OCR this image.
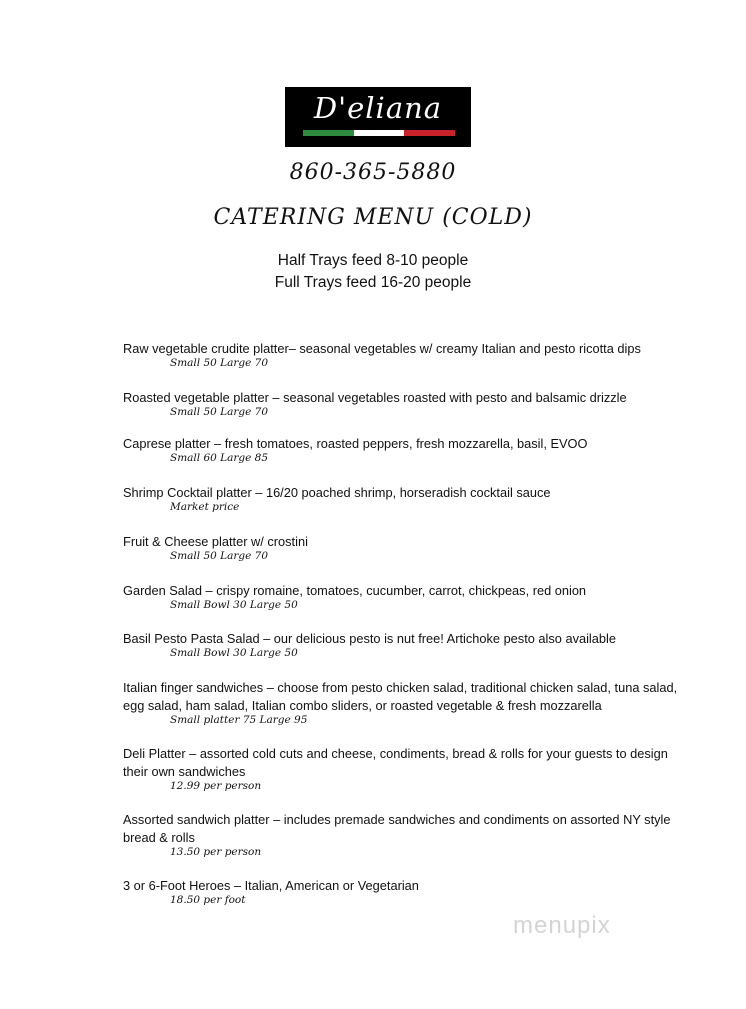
D'eliana
860-365-5880
CATERING MENU (COLD)
Half Trays feed 8-10 people
Full Trays feed 16-20 people
Raw vegetable crudite platter– seasonal vegetables w/ creamy Italian and pesto ricotta dips
Small 50 Large 70
Roasted vegetable platter – seasonal vegetables roasted with pesto and balsamic drizzle
Small 50 Large 70
Caprese platter – fresh tomatoes, roasted peppers, fresh mozzarella, basil, EVOO
Small 60 Large 85
Shrimp Cocktail platter – 16/20 poached shrimp, horseradish cocktail sauce
Market price
Fruit & Cheese platter w/ crostini
Small 50 Large 70
Garden Salad – crispy romaine, tomatoes, cucumber, carrot, chickpeas, red onion
Small Bowl 30 Large 50
Basil Pesto Pasta Salad – our delicious pesto is nut free! Artichoke pesto also available
Small Bowl 30 Large 50
Italian finger sandwiches – choose from pesto chicken salad, traditional chicken salad, tuna salad, egg salad, ham salad, Italian combo sliders, or roasted vegetable & fresh mozzarella
Small platter 75 Large 95
Deli Platter – assorted cold cuts and cheese, condiments, bread & rolls for your guests to design their own sandwiches
12.99 per person
Assorted sandwich platter – includes premade sandwiches and condiments on assorted NY style bread & rolls
13.50 per person
3 or 6-Foot Heroes – Italian, American or Vegetarian
18.50 per foot
menupix
